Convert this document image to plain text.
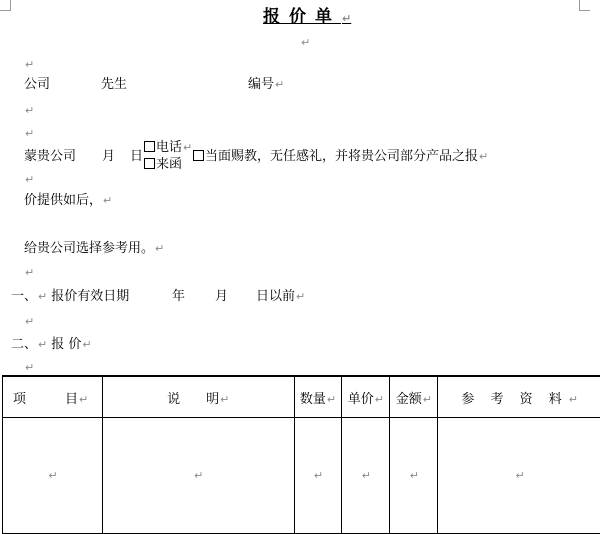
报价单↵
↵
↵
公司	先生	编号↵
↵
↵
蒙贵公司 月 日
电话↵
来函
当面赐教，无任感礼，并将贵公司部分产品之报↵
↵
价提供如后，↵
给贵公司选择参考用。↵
↵
一、↵ 报价有效日期	年 月 日以前↵
↵
二、↵ 报 价↵
↵
项　　　目↵	说　　明↵	数量↵	单价↵	金额↵	参 考 资 料↵
↵	↵	↵	↵	↵	↵
